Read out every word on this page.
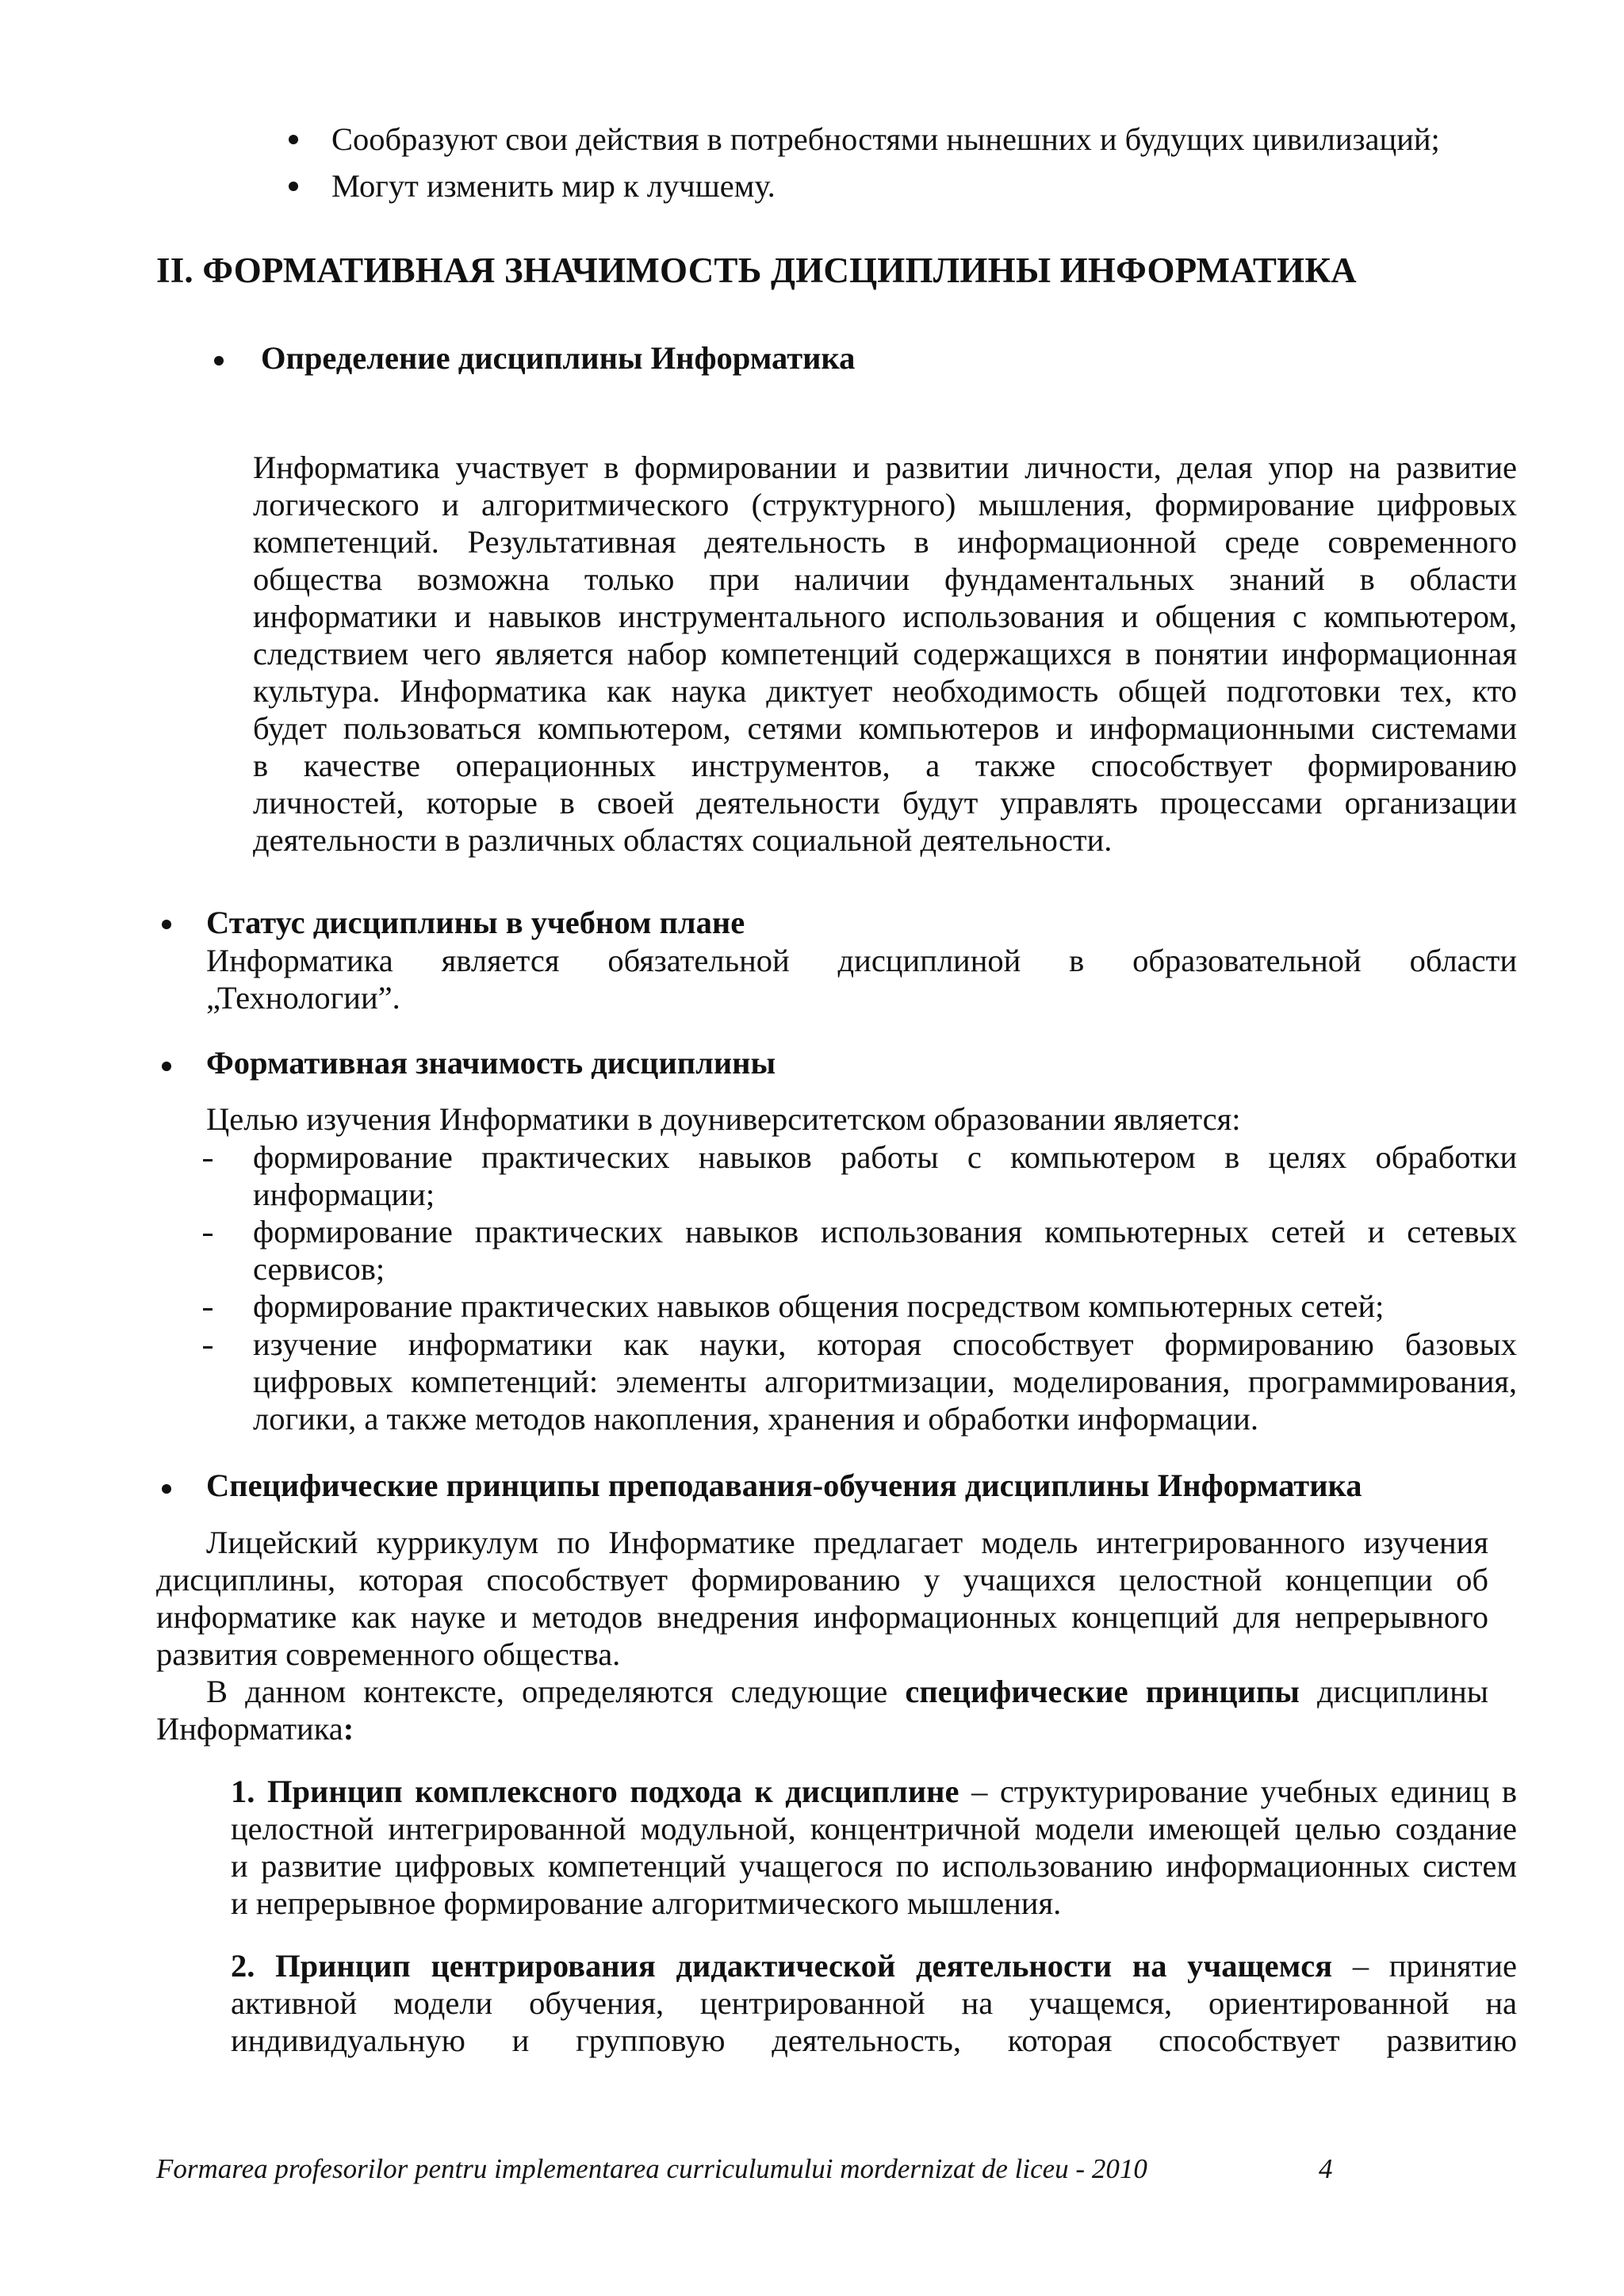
Сообразуют свои действия в потребностями нынешних и будущих цивилизаций;
Могут изменить мир к лучшему.
II. ФОРМАТИВНАЯ ЗНАЧИМОСТЬ ДИСЦИПЛИНЫ ИНФОРМАТИКА
Определение дисциплины Информатика
Информатика участвует в формировании и развитии личности, делая упор на развитие
логического и алгоритмического (структурного) мышления, формирование цифровых
компетенций. Результативная деятельность в информационной среде современного
общества возможна только при наличии фундаментальных знаний в области
информатики и навыков инструментального использования и общения с компьютером,
следствием чего является набор компетенций содержащихся в понятии информационная
культура. Информатика как наука диктует необходимость общей подготовки тех, кто
будет пользоваться компьютером, сетями компьютеров и информационными системами
в качестве операционных инструментов, а также способствует формированию
личностей, которые в своей деятельности будут управлять процессами организации
деятельности в различных областях социальной деятельности.
Статус дисциплины в учебном плане
Информатика является обязательной дисциплиной в образовательной области
„Технологии”.
Формативная значимость дисциплины
Целью изучения Информатики в доуниверситетском образовании является:
формирование практических навыков работы с компьютером в целях обработки
информации;
формирование практических навыков использования компьютерных сетей и сетевых
сервисов;
формирование практических навыков общения посредством компьютерных сетей;
изучение информатики как науки, которая способствует формированию базовых
цифровых компетенций: элементы алгоритмизации, моделирования, программирования,
логики, а также методов накопления, хранения и обработки информации.
Специфические принципы преподавания-обучения дисциплины Информатика
Лицейский куррикулум по Информатике предлагает модель интегрированного изучения
дисциплины, которая способствует формированию у учащихся целостной концепции об
информатике как науке и методов внедрения информационных концепций для непрерывного
развития современного общества.
В данном контексте, определяются следующие специфические принципы дисциплины
Информатика:
1. Принцип комплексного подхода к дисциплине – структурирование учебных единиц в
целостной интегрированной модульной, концентричной модели имеющей целью создание
и развитие цифровых компетенций учащегося по использованию информационных систем
и непрерывное формирование алгоритмического мышления.
2. Принцип центрирования дидактической деятельности на учащемся – принятие
активной модели обучения, центрированной на учащемся, ориентированной на
индивидуальную и групповую деятельность, которая способствует развитию
Formarea profesorilor pentru implementarea curriculumului mordernizat de liceu - 2010	4
